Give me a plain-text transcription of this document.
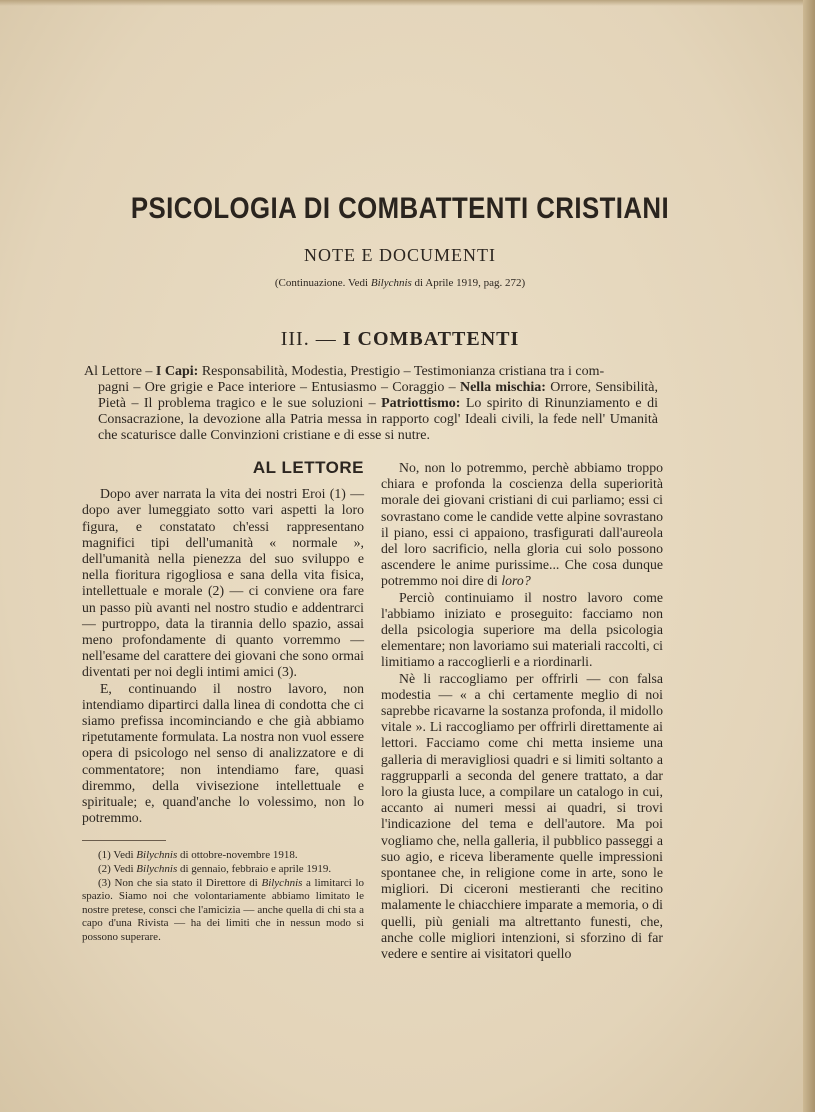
PSICOLOGIA DI COMBATTENTI CRISTIANI
NOTE E DOCUMENTI
(Continuazione. Vedi Bilychnis di Aprile 1919, pag. 272)
III. — I COMBATTENTI
Al Lettore – I Capi: Responsabilità, Modestia, Prestigio – Testimonianza cristiana tra i com-
pagni – Ore grigie e Pace interiore – Entusiasmo – Coraggio – Nella mischia: Orrore, Sensibilità, Pietà – Il problema tragico e le sue soluzioni – Patriottismo: Lo spirito di Rinunziamento e di Consacrazione, la devozione alla Patria messa in rapporto cogl' Ideali civili, la fede nell' Umanità che scaturisce dalle Convinzioni cristiane e di esse si nutre.
AL LETTORE

Dopo aver narrata la vita dei nostri Eroi (1) — dopo aver lumeggiato sotto vari aspetti la loro figura, e constatato ch'essi rappresentano magnifici tipi dell'umanità « normale », dell'umanità nella pienezza del suo sviluppo e nella fioritura rigogliosa e sana della vita fisica, intellettuale e morale (2) — ci conviene ora fare un passo più avanti nel nostro studio e addentrarci — purtroppo, data la tirannia dello spazio, assai meno profondamente di quanto vorremmo — nell'esame del carattere dei giovani che sono ormai diventati per noi degli intimi amici (3).

E, continuando il nostro lavoro, non intendiamo dipartirci dalla linea di condotta che ci siamo prefissa incominciando e che già abbiamo ripetutamente formulata. La nostra non vuol essere opera di psicologo nel senso di analizzatore e di commentatore; non intendiamo fare, quasi diremmo, della vivisezione intellettuale e spirituale; e, quand'anche lo volessimo, non lo potremmo.

(1) Vedi Bilychnis di ottobre-novembre 1918.

(2) Vedi Bilychnis di gennaio, febbraio e aprile 1919.

(3) Non che sia stato il Direttore di Bilychnis a limitarci lo spazio. Siamo noi che volontariamente abbiamo limitato le nostre pretese, consci che l'amicizia — anche quella di chi sta a capo d'una Rivista — ha dei limiti che in nessun modo si possono superare.

No, non lo potremmo, perchè abbiamo troppo chiara e profonda la coscienza della superiorità morale dei giovani cristiani di cui parliamo; essi ci sovrastano come le candide vette alpine sovrastano il piano, essi ci appaiono, trasfigurati dall'aureola del loro sacrificio, nella gloria cui solo possono ascendere le anime purissime... Che cosa dunque potremmo noi dire di loro?

Perciò continuiamo il nostro lavoro come l'abbiamo iniziato e proseguito: facciamo non della psicologia superiore ma della psicologia elementare; non lavoriamo sui materiali raccolti, ci limitiamo a raccoglierli e a riordinarli.

Nè li raccogliamo per offrirli — con falsa modestia — « a chi certamente meglio di noi saprebbe ricavarne la sostanza profonda, il midollo vitale ». Li raccogliamo per offrirli direttamente ai lettori. Facciamo come chi metta insieme una galleria di meravigliosi quadri e si limiti soltanto a raggrupparli a seconda del genere trattato, a dar loro la giusta luce, a compilare un catalogo in cui, accanto ai numeri messi ai quadri, si trovi l'indicazione del tema e dell'autore. Ma poi vogliamo che, nella galleria, il pubblico passeggi a suo agio, e riceva liberamente quelle impressioni spontanee che, in religione come in arte, sono le migliori. Di ciceroni mestieranti che recitino malamente le chiacchiere imparate a memoria, o di quelli, più geniali ma altrettanto funesti, che, anche colle migliori intenzioni, si sforzino di far vedere e sentire ai visitatori quello
